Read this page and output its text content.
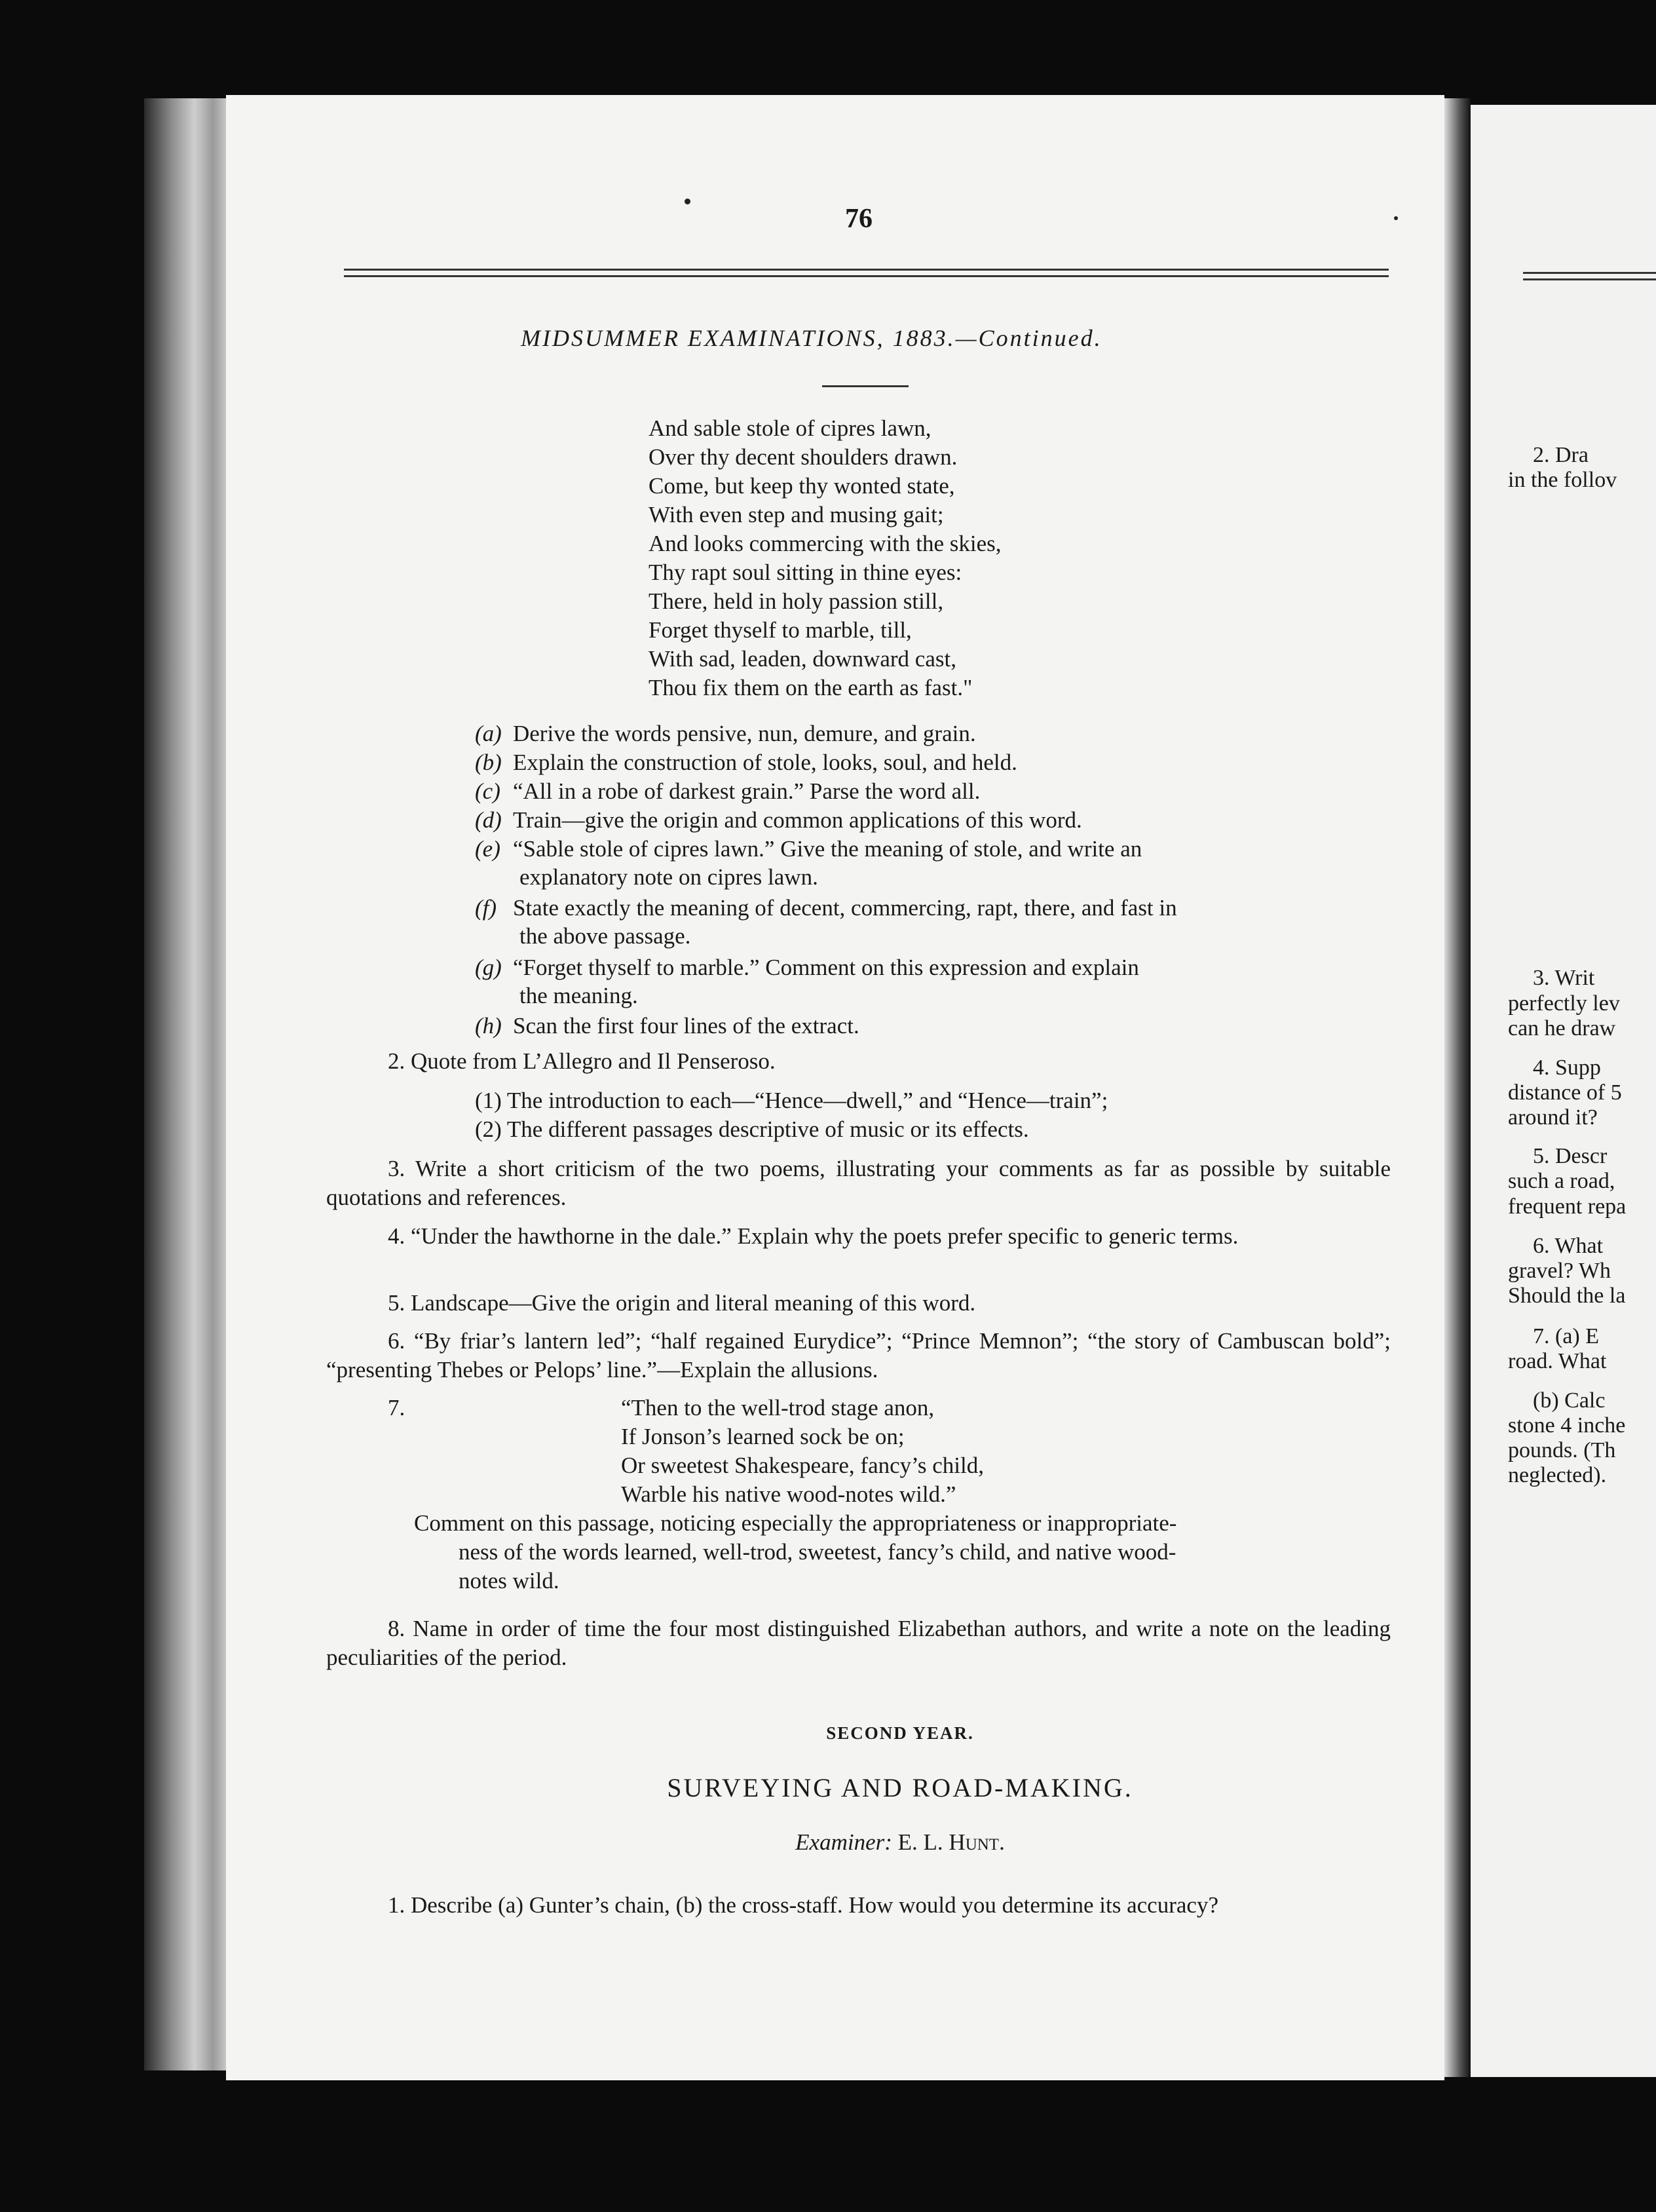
2. Dra
in the follov
3. Writ
perfectly lev
can he draw
4. Supp
distance of 5
around it?
5. Descr
such a road,
frequent repa
6. What
gravel? Wh
Should the la
7. (a) E
road. What
(b) Calc
stone 4 inche
pounds. (Th
neglected).
76
MIDSUMMER EXAMINATIONS, 1883.—Continued.
And sable stole of cipres lawn,
Over thy decent shoulders drawn.
Come, but keep thy wonted state,
With even step and musing gait;
And looks commercing with the skies,
Thy rapt soul sitting in thine eyes:
There, held in holy passion still,
Forget thyself to marble, till,
With sad, leaden, downward cast,
Thou fix them on the earth as fast."
(a) Derive the words pensive, nun, demure, and grain.
(b) Explain the construction of stole, looks, soul, and held.
(c) “All in a robe of darkest grain.” Parse the word all.
(d) Train—give the origin and common applications of this word.
(e) “Sable stole of cipres lawn.” Give the meaning of stole, and write an
explanatory note on cipres lawn.
(f) State exactly the meaning of decent, commercing, rapt, there, and fast in
the above passage.
(g) “Forget thyself to marble.” Comment on this expression and explain
the meaning.
(h) Scan the first four lines of the extract.
2. Quote from L’Allegro and Il Penseroso.
(1) The introduction to each—“Hence—dwell,” and “Hence—train”;
(2) The different passages descriptive of music or its effects.
3. Write a short criticism of the two poems, illustrating your comments as far as possible by suitable quotations and references.
4. “Under the hawthorne in the dale.” Explain why the poets prefer specific to generic terms.
5. Landscape—Give the origin and literal meaning of this word.
6. “By friar’s lantern led”; “half regained Eurydice”; “Prince Memnon”; “the story of Cambuscan bold”; “presenting Thebes or Pelops’ line.”—Explain the allusions.
7.	“Then to the well-trod stage anon,
If Jonson’s learned sock be on;
Or sweetest Shakespeare, fancy’s child,
Warble his native wood-notes wild.”
Comment on this passage, noticing especially the appropriateness or inappropriate-
ness of the words learned, well-trod, sweetest, fancy’s child, and native wood-
notes wild.
8. Name in order of time the four most distinguished Elizabethan authors, and write a note on the leading peculiarities of the period.
SECOND YEAR.
SURVEYING AND ROAD-MAKING.
Examiner: E. L. Hunt.
1. Describe (a) Gunter’s chain, (b) the cross-staff. How would you determine its accuracy?
